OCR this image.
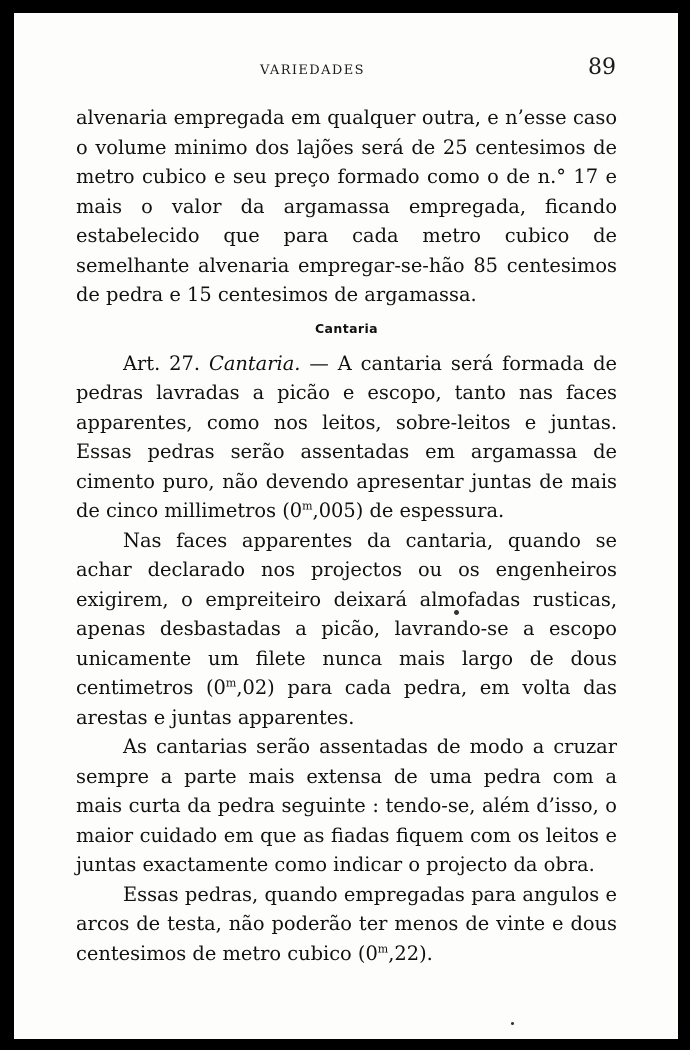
VARIEDADES	89

alvenaria empregada em qualquer outra, e n’esse caso o volume minimo dos lajões será de 25 centesimos de metro cubico e seu preço formado como o de n.° 17 e mais o valor da argamassa empregada, ficando estabelecido que para cada metro cubico de semelhante alvenaria empregar-se-hão 85 centesimos de pedra e 15 centesimos de argamassa.

Cantaria

Art. 27. Cantaria. — A cantaria será formada de pedras lavradas a picão e escopo, tanto nas faces apparentes, como nos leitos, sobre-leitos e juntas. Essas pedras serão assentadas em argamassa de cimento puro, não devendo apresentar juntas de mais de cinco millimetros (0$^m$,005) de espessura.

Nas faces apparentes da cantaria, quando se achar declarado nos projectos ou os engenheiros exigirem, o empreiteiro deixará almofadas rusticas, apenas desbastadas a picão, lavrando-se a escopo unicamente um filete nunca mais largo de dous centimetros (0$^m$,02) para cada pedra, em volta das arestas e juntas apparentes.

As cantarias serão assentadas de modo a cruzar sempre a parte mais extensa de uma pedra com a mais curta da pedra seguinte : tendo-se, além d’isso, o maior cuidado em que as fiadas fiquem com os leitos e juntas exactamente como indicar o projecto da obra.

Essas pedras, quando empregadas para angulos e arcos de testa, não poderão ter menos de vinte e dous centesimos de metro cubico (0$^m$,22).
